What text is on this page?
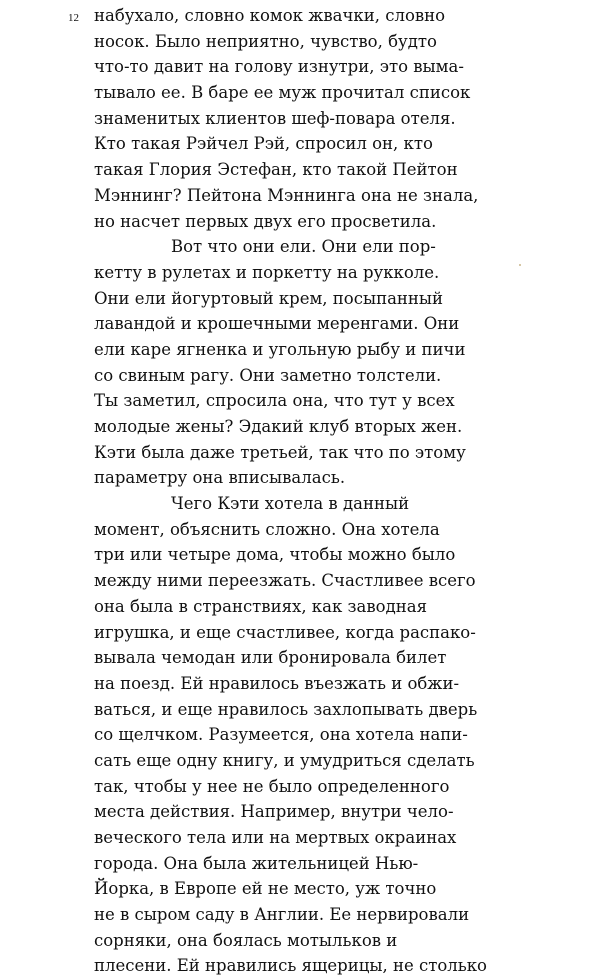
12 набухало, словно комок жвачки, словно
носок. Было неприятно, чувство, будто
что-то давит на голову изнутри, это выма-
тывало ее. В баре ее муж прочитал список
знаменитых клиентов шеф-повара отеля.
Кто такая Рэйчел Рэй, спросил он, кто
такая Глория Эстефан, кто такой Пейтон
Мэннинг? Пейтона Мэннинга она не знала,
но насчет первых двух его просветила.
Вот что они ели. Они ели пор-
кетту в рулетах и поркетту на рукколе.
Они ели йогуртовый крем, посыпанный
лавандой и крошечными меренгами. Они
ели каре ягненка и угольную рыбу и пичи
со свиным рагу. Они заметно толстели.
Ты заметил, спросила она, что тут у всех
молодые жены? Эдакий клуб вторых жен.
Кэти была даже третьей, так что по этому
параметру она вписывалась.
Чего Кэти хотела в данный
момент, объяснить сложно. Она хотела
три или четыре дома, чтобы можно было
между ними переезжать. Счастливее всего
она была в странствиях, как заводная
игрушка, и еще счастливее, когда распако-
вывала чемодан или бронировала билет
на поезд. Ей нравилось въезжать и обжи-
ваться, и еще нравилось захлопывать дверь
со щелчком. Разумеется, она хотела напи-
сать еще одну книгу, и умудриться сделать
так, чтобы у нее не было определенного
места действия. Например, внутри чело-
веческого тела или на мертвых окраинах
города. Она была жительницей Нью-
Йорка, в Европе ей не место, уж точно
не в сыром саду в Англии. Ее нервировали
сорняки, она боялась мотыльков и
плесени. Ей нравились ящерицы, не столько
